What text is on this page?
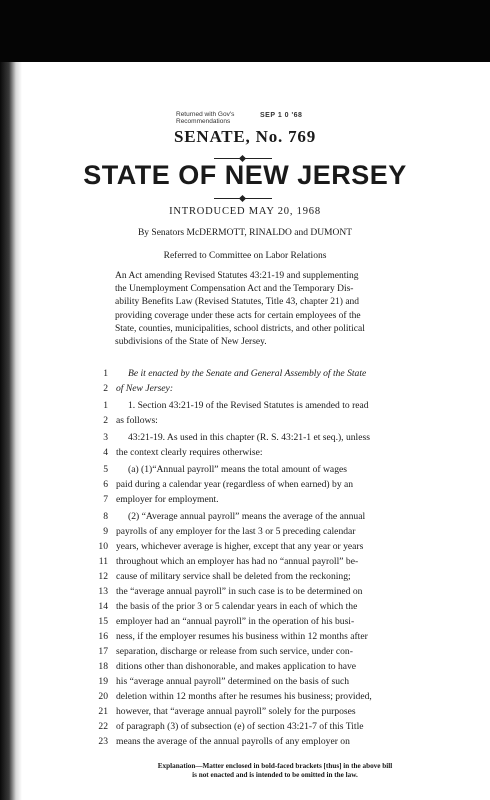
Returned with Gov's
Recommendations
SEP 1 0 '68
SENATE, No. 769
STATE OF NEW JERSEY
INTRODUCED MAY 20, 1968
By Senators McDERMOTT, RINALDO and DUMONT
Referred to Committee on Labor Relations
An Act amending Revised Statutes 43:21-19 and supplementing
the Unemployment Compensation Act and the Temporary Dis-
ability Benefits Law (Revised Statutes, Title 43, chapter 21) and
providing coverage under these acts for certain employees of the
State, counties, municipalities, school districts, and other political
subdivisions of the State of New Jersey.
1	Be it enacted by the Senate and General Assembly of the State
2 of New Jersey:
1	1. Section 43:21-19 of the Revised Statutes is amended to read
2 as follows:
3	43:21-19. As used in this chapter (R. S. 43:21-1 et seq.), unless
4 the context clearly requires otherwise:
5	(a) (1)“Annual payroll” means the total amount of wages
6 paid during a calendar year (regardless of when earned) by an
7 employer for employment.
8	(2) “Average annual payroll” means the average of the annual
9 payrolls of any employer for the last 3 or 5 preceding calendar
10 years, whichever average is higher, except that any year or years
11 throughout which an employer has had no “annual payroll” be-
12 cause of military service shall be deleted from the reckoning;
13 the “average annual payroll” in such case is to be determined on
14 the basis of the prior 3 or 5 calendar years in each of which the
15 employer had an “annual payroll” in the operation of his busi-
16 ness, if the employer resumes his business within 12 months after
17 separation, discharge or release from such service, under con-
18 ditions other than dishonorable, and makes application to have
19 his “average annual payroll” determined on the basis of such
20 deletion within 12 months after he resumes his business; provided,
21 however, that “average annual payroll” solely for the purposes
22 of paragraph (3) of subsection (e) of section 43:21-7 of this Title
23 means the average of the annual payrolls of any employer on
Explanation—Matter enclosed in bold-faced brackets [thus] in the above bill
is not enacted and is intended to be omitted in the law.
